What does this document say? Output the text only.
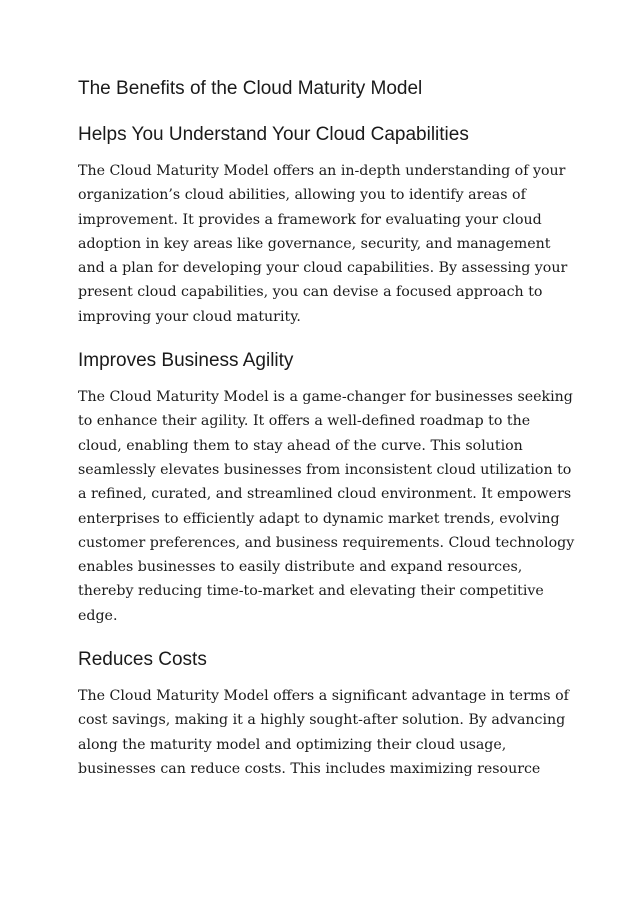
The Benefits of the Cloud Maturity Model
Helps You Understand Your Cloud Capabilities

The Cloud Maturity Model offers an in-depth understanding of your
organization’s cloud abilities, allowing you to identify areas of
improvement. It provides a framework for evaluating your cloud
adoption in key areas like governance, security, and management
and a plan for developing your cloud capabilities. By assessing your
present cloud capabilities, you can devise a focused approach to
improving your cloud maturity.

Improves Business Agility

The Cloud Maturity Model is a game-changer for businesses seeking
to enhance their agility. It offers a well-defined roadmap to the
cloud, enabling them to stay ahead of the curve. This solution
seamlessly elevates businesses from inconsistent cloud utilization to
a refined, curated, and streamlined cloud environment. It empowers
enterprises to efficiently adapt to dynamic market trends, evolving
customer preferences, and business requirements. Cloud technology
enables businesses to easily distribute and expand resources,
thereby reducing time-to-market and elevating their competitive
edge.

Reduces Costs

The Cloud Maturity Model offers a significant advantage in terms of
cost savings, making it a highly sought-after solution. By advancing
along the maturity model and optimizing their cloud usage,
businesses can reduce costs. This includes maximizing resource
